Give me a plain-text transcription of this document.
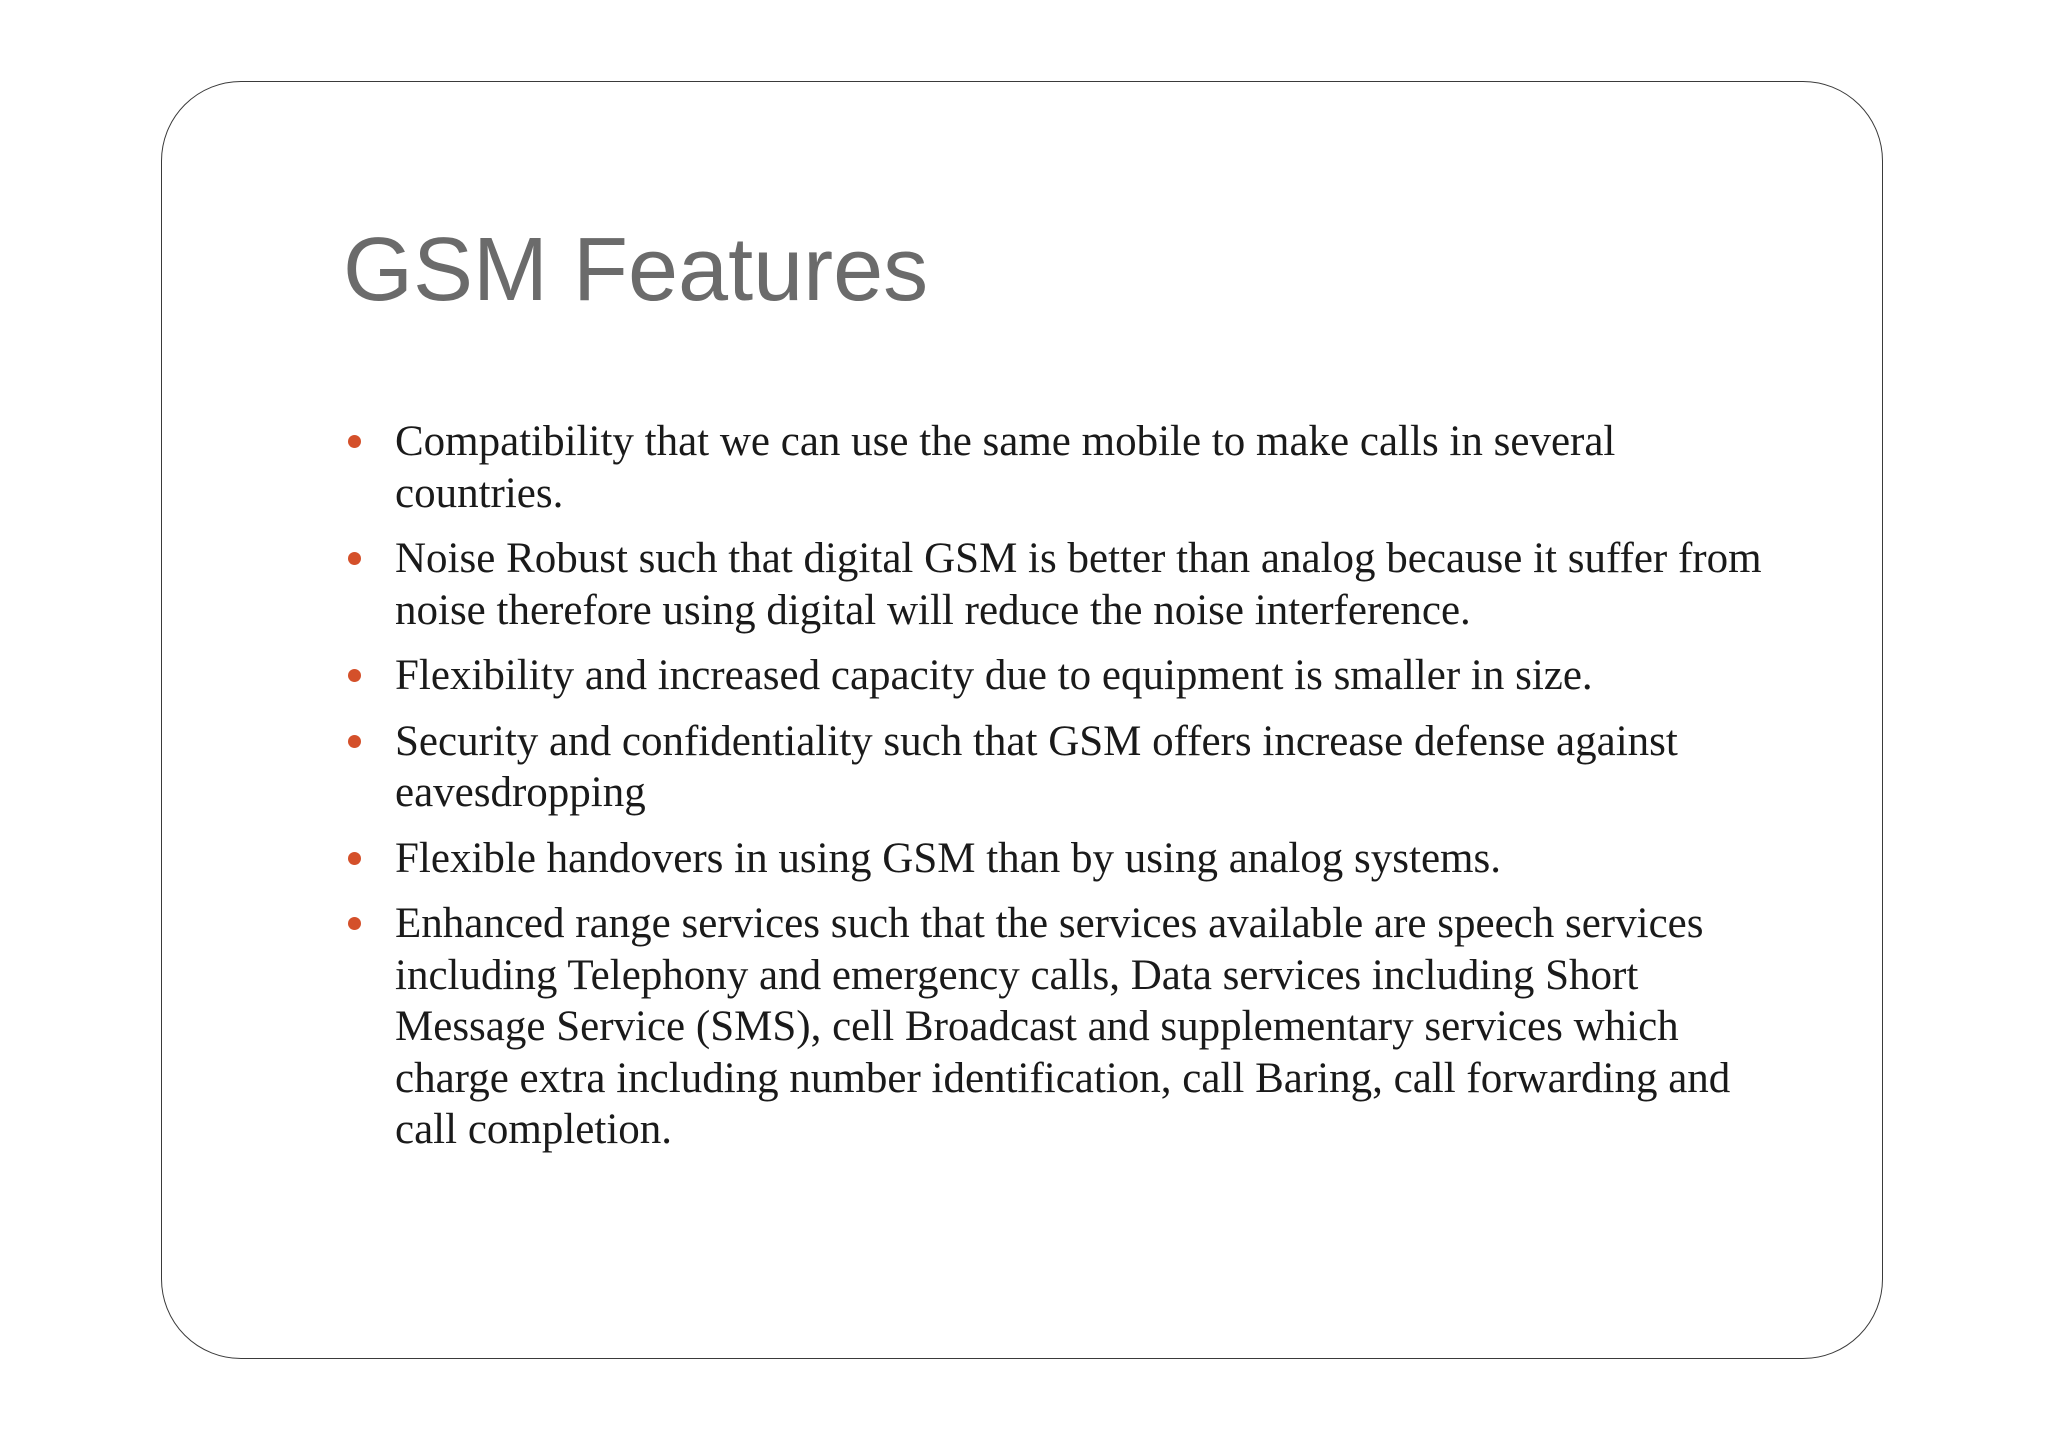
GSM Features
Compatibility that we can use the same mobile to make calls in several countries.
Noise Robust such that digital GSM is better than analog because it suffer from noise therefore using digital will reduce the noise interference.
Flexibility and increased capacity due to equipment is smaller in size.
Security and confidentiality such that GSM offers increase defense against eavesdropping
Flexible handovers in using GSM than by using analog systems.
Enhanced range services such that the services available are speech services including Telephony and emergency calls, Data services including Short Message Service (SMS), cell Broadcast and supplementary services which charge extra including number identification, call Baring, call forwarding and call completion.
